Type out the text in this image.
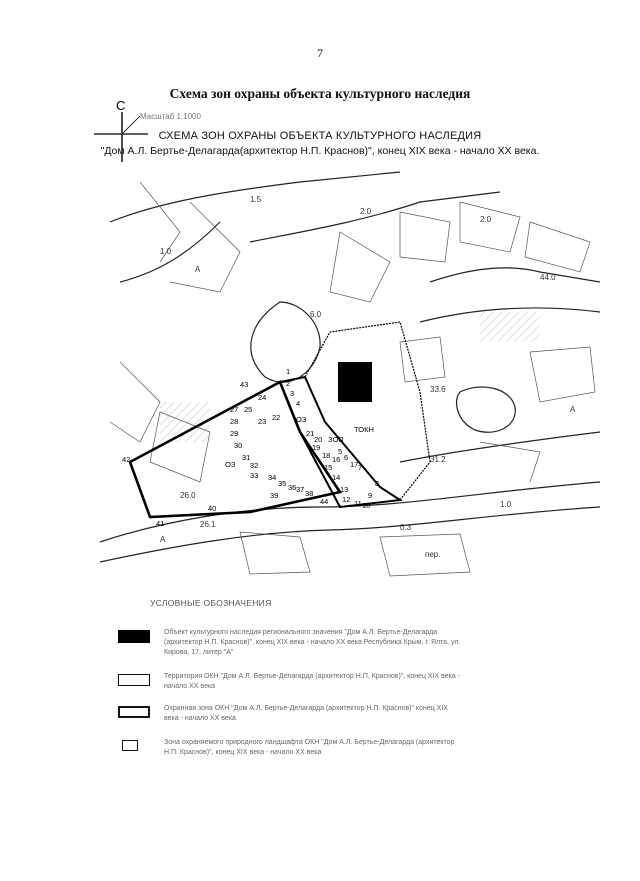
7
Схема зон охраны объекта культурного наследия
С
Масштаб 1:1000
СХЕМА ЗОН ОХРАНЫ ОБЪЕКТА КУЛЬТУРНОГО НАСЛЕДИЯ
"Дом А.Л. Бертье-Делагарда(архитектор Н.П. Краснов)", конец XIX века - начало XX века.
ОЗ
ОЗ
ЗОП
ТОКН
43
24
27
28
25
22
23
29
30
31
32
33 34
35 36 37 38
39
40
41
42
44 12
10
13
14
15
16
17
18
19
20
21
8
9
6
5
4
3
2
1
7
11
1.0
2.0
1.5
6.0
26.0
26.1
31.2
33.6
44.0
0.3
2.0
1.0
пер.
А
А
А
УСЛОВНЫЕ ОБОЗНАЧЕНИЯ
Объект культурного наследия регионального значения "Дом А.Л. Бертье-Делагарда (архитектор Н.П. Краснов)", конец XIX века - начало XX века Республика Крым, г. Ялта, ул. Кирова, 17, литер "А"
Территория ОКН "Дом А.Л. Бертье-Делагарда (архитектор Н.П. Краснов)", конец XIX века - начало XX века
Охранная зона ОКН "Дом А.Л. Бертье-Делагарда (архитектор Н.П. Краснов)" конец XIX века - начало XX века
Зона охраняемого природного ландшафта ОКН "Дом А.Л. Бертье-Делагарда (архитектор Н.П. Краснов)", конец XIX века - начало XX века
